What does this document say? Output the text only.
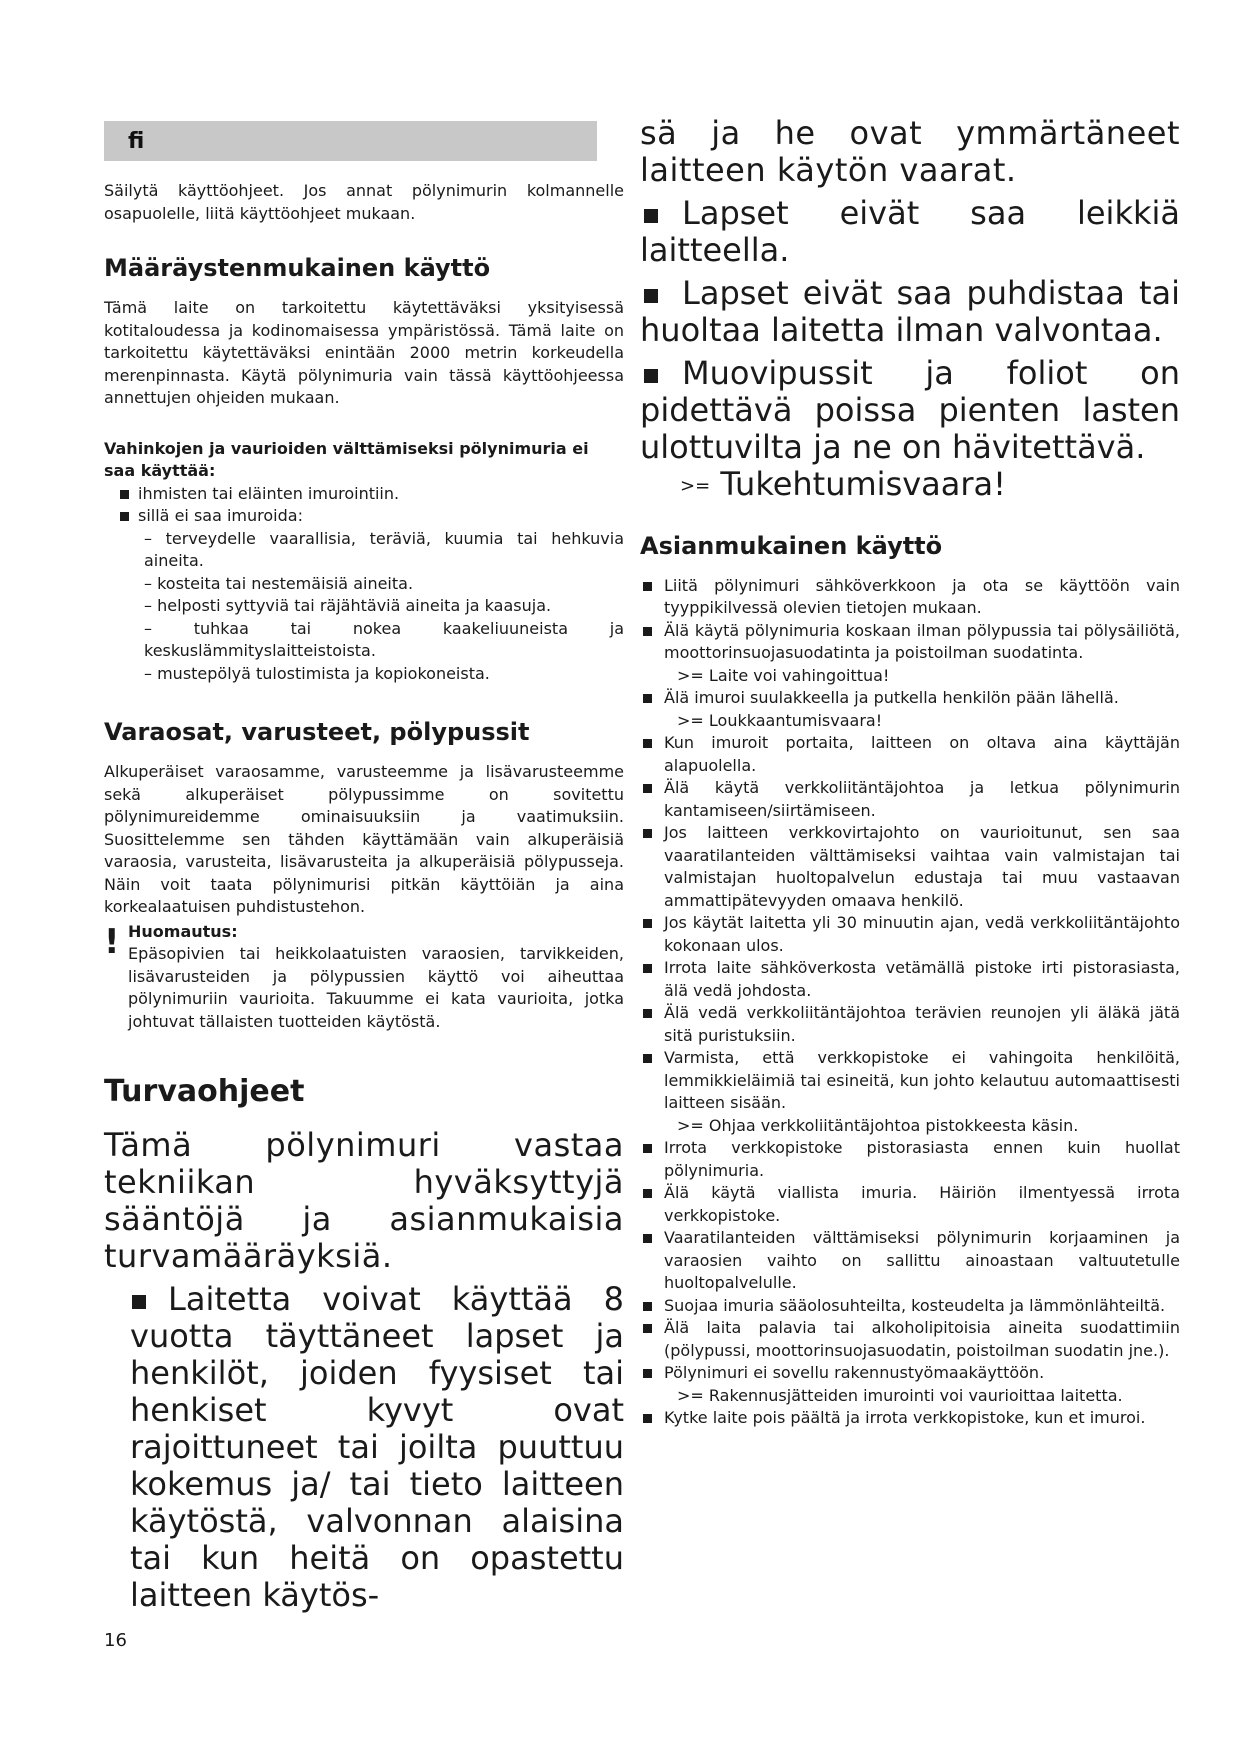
fi

Säilytä käyttöohjeet. Jos annat pölynimurin kolmannelle osapuolelle, liitä käyttöohjeet mukaan.

Määräystenmukainen käyttö

Tämä laite on tarkoitettu käytettäväksi yksityisessä kotitaloudessa ja kodinomaisessa ympäristössä. Tämä laite on tarkoitettu käytettäväksi enintään 2000 metrin korkeudella merenpinnasta. Käytä pölynimuria vain tässä käyttöohjeessa annettujen ohjeiden mukaan.

Vahinkojen ja vaurioiden välttämiseksi pölynimuria ei saa käyttää:
ihmisten tai eläinten imurointiin.
sillä ei saa imuroida:
– terveydelle vaarallisia, teräviä, kuumia tai hehkuvia aineita.
– kosteita tai nestemäisiä aineita.
– helposti syttyviä tai räjähtäviä aineita ja kaasuja.
– tuhkaa tai nokea kaakeliuuneista ja keskuslämmityslaitteistoista.
– mustepölyä tulostimista ja kopiokoneista.
Varaosat, varusteet, pölypussit

Alkuperäiset varaosamme, varusteemme ja lisävarusteemme sekä alkuperäiset pölypussimme on sovitettu pölynimureidemme ominaisuuksiin ja vaatimuksiin. Suosittelemme sen tähden käyttämään vain alkuperäisiä varaosia, varusteita, lisävarusteita ja alkuperäisiä pölypusseja. Näin voit taata pölynimurisi pitkän käyttöiän ja aina korkealaatuisen puhdistustehon.

! Huomautus:

Epäsopivien tai heikkolaatuisten varaosien, tarvikkeiden, lisävarusteiden ja pölypussien käyttö voi aiheuttaa pölynimuriin vaurioita. Takuumme ei kata vaurioita, jotka johtuvat tällaisten tuotteiden käytöstä.

Turvaohjeet

Tämä pölynimuri vastaa tekniikan hyväksyttyjä sääntöjä ja asianmukaisia turvamääräyksiä.

Laitetta voivat käyttää 8 vuotta täyttäneet lapset ja henkilöt, joiden fyysiset tai henkiset kyvyt ovat rajoittuneet tai joilta puuttuu kokemus ja/ tai tieto laitteen käytöstä, valvonnan alaisina tai kun heitä on opastettu laitteen käytös-

sä ja he ovat ymmärtäneet laitteen käytön vaarat.

Lapset eivät saa leikkiä laitteella.
Lapset eivät saa puhdistaa tai huoltaa laitetta ilman valvontaa.
Muovipussit ja foliot on pidettävä poissa pienten lasten ulottuvilta ja ne on hävitettävä.
>= Tukehtumisvaara!
Asianmukainen käyttö
Liitä pölynimuri sähköverkkoon ja ota se käyttöön vain tyyppikilvessä olevien tietojen mukaan.
Älä käytä pölynimuria koskaan ilman pölypussia tai pölysäiliötä, moottorinsuojasuodatinta ja poistoilman suodatinta.
>= Laite voi vahingoittua!
Älä imuroi suulakkeella ja putkella henkilön pään lähellä.
>= Loukkaantumisvaara!
Kun imuroit portaita, laitteen on oltava aina käyttäjän alapuolella.
Älä käytä verkkoliitäntäjohtoa ja letkua pölynimurin kantamiseen/siirtämiseen.
Jos laitteen verkkovirtajohto on vaurioitunut, sen saa vaaratilanteiden välttämiseksi vaihtaa vain valmistajan tai valmistajan huoltopalvelun edustaja tai muu vastaavan ammattipätevyyden omaava henkilö.
Jos käytät laitetta yli 30 minuutin ajan, vedä verkkoliitäntäjohto kokonaan ulos.
Irrota laite sähköverkosta vetämällä pistoke irti pistorasiasta, älä vedä johdosta.
Älä vedä verkkoliitäntäjohtoa terävien reunojen yli äläkä jätä sitä puristuksiin.
Varmista, että verkkopistoke ei vahingoita henkilöitä, lemmikkieläimiä tai esineitä, kun johto kelautuu automaattisesti laitteen sisään.
>= Ohjaa verkkoliitäntäjohtoa pistokkeesta käsin.
Irrota verkkopistoke pistorasiasta ennen kuin huollat pölynimuria.
Älä käytä viallista imuria. Häiriön ilmentyessä irrota verkkopistoke.
Vaaratilanteiden välttämiseksi pölynimurin korjaaminen ja varaosien vaihto on sallittu ainoastaan valtuutetulle huoltopalvelulle.
Suojaa imuria sääolosuhteilta, kosteudelta ja lämmönlähteiltä.
Älä laita palavia tai alkoholipitoisia aineita suodattimiin (pölypussi, moottorinsuojasuodatin, poistoilman suodatin jne.).
Pölynimuri ei sovellu rakennustyömaakäyttöön.
>= Rakennusjätteiden imurointi voi vaurioittaa laitetta.
Kytke laite pois päältä ja irrota verkkopistoke, kun et imuroi.
16
